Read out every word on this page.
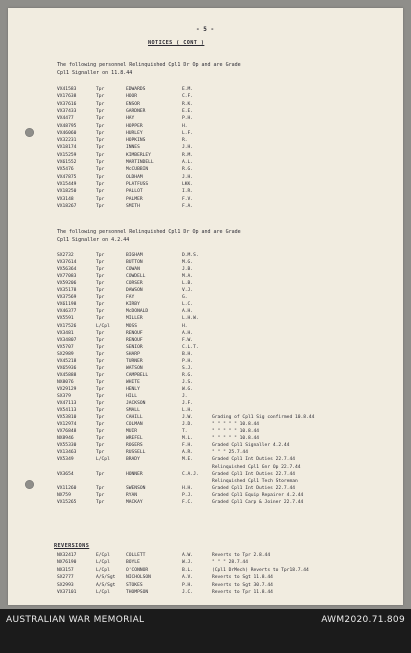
- 5 -
NOTICES ( CONT )
The following personnel Relinquished Cpl1 Dr Op and are Grade
Cpl1 Signaller on 11.8.44
VX41583	Tpr	EDWARDS	E.M.
VX17638	Tpr	HOOR	C.F.
VX37616	Tpr	ENSOR	R.K.
VX37433	Tpr	GARDNER	E.E.
VX4477	Tpr	HAY	P.H.
VX48795	Tpr	HOPPER	H.
VX46060	Tpr	HURLEY	L.F.
VX32231	Tpr	HOPKINS	R.
VX18174	Tpr	INNES	J.H.
VX15259	Tpr	KIMBERLEY	R.M.
VX61552	Tpr	MARTINDELL	A.L.
VX5476	Tpr	McCUBBIN	R.G.
VX47875	Tpr	OLDHAM	J.H.
VX15449	Tpr	PLATFUSS	LKK.
VX18250	Tpr	PALLOT	I.R.
VX3148	Tpr	PALMER	F.V.
VX18267	Tpr	SMITH	F.A.
The following personnel Relinquished Cpl1 Dr Op and are Grade
Cpl1 Signaller on 4.2.44
SX2732	Tpr	BIGHAM	D.M.S.
VX37614	Tpr	BUTTON	M.G.
VX56364	Tpr	COWAN	J.B.
VX77083	Tpr	COWDELL	M.A.
VX59206	Tpr	CORSER	L.B.
VX35178	Tpr	DAWSON	V.J.
VX37569	Tpr	FAY	G.
VX61198	Tpr	KIRBY	L.C.
VX46377	Tpr	McDONALD	A.H.
VX5591	Tpr	MILLER	L.H.W.
VX17526	L/Cpl	MOSS	H.
VX3481	Tpr	RENOUF	A.H.
VX34807	Tpr	RENOUF	F.W.
VX5707	Tpr	SENIOR	C.L.T.
SX2989	Tpr	SHARP	B.H.
VX45218	Tpr	TURNER	P.H.
VX65936	Tpr	WATSON	S.J.
VX45888	Tpr	CAMPBELL	R.G.
NX8076	Tpr	WHITE	J.S.
VX29129	Tpr	HENLY	W.G.
SX379	Tpr	HILL	J.
VX47113	Tpr	JACKSON	J.F.
VX54113	Tpr	SMALL	L.H.
VX53810	Tpr	CAHILL	J.W.	Grading of Cpl1 Sig confirmed 10.8.44
VX12974	Tpr	COLMAN	J.D.	" " " " " 10.8.44
VX76848	Tpr	MUIR	T.	" " " " " 10.8.44
NX8946	Tpr	WREFEL	M.L.	" " " " " 10.8.44
VX55330	Tpr	ROGERS	F.H.	Graded Cpl1 Signaller 4.2.44
VX13463	Tpr	RUSSELL	A.R.	" " " 25.7.44
VX5349	L/Cpl	BRADY	M.E.	Graded Cpl1 Int Duties 22.7.44
Relinquished Cpl1 Gnr Op 22.7.44
VX3654	Tpr	HONNER	C.A.J.	Graded Cpl1 Int Duties 22.7.44
Relinquished Cpl1 Tech Storeman
VX11260	Tpr	SWENSON	H.H.	Graded Cpl1 Int Duties 22.7.44
NX759	Tpr	RYAN	P.J.	Graded Cpl1 Equip Repairer 4.2.44
VX15265	Tpr	MACKAY	F.C.	Graded Cpl1 Carp & Joiner 22.7.44
REVERSIONS
NX32417	E/Cpl	COLLETT	A.W.	Reverts to Tpr 2.8.44
NX76190	L/Cpl	BOYLE	W.J.	" " " 28.7.44
NX3157	L/Cpl	O'CONNOR	B.L.	(Cpl1 DrMech) Reverts to Tpr18.7.44
SX2777	A/S/Sgt NICHOLSON	A.V.	Reverts to Sgt 11.8.44
SX2993	A/S/Sgt STOKES	P.H.	Reverts to Sgt 30.7.44
VX37101	L/Cpl	THOMPSON	J.C.	Reverts to Tpr 11.8.44
AUSTRALIAN WAR MEMORIAL	AWM2020.71.809
